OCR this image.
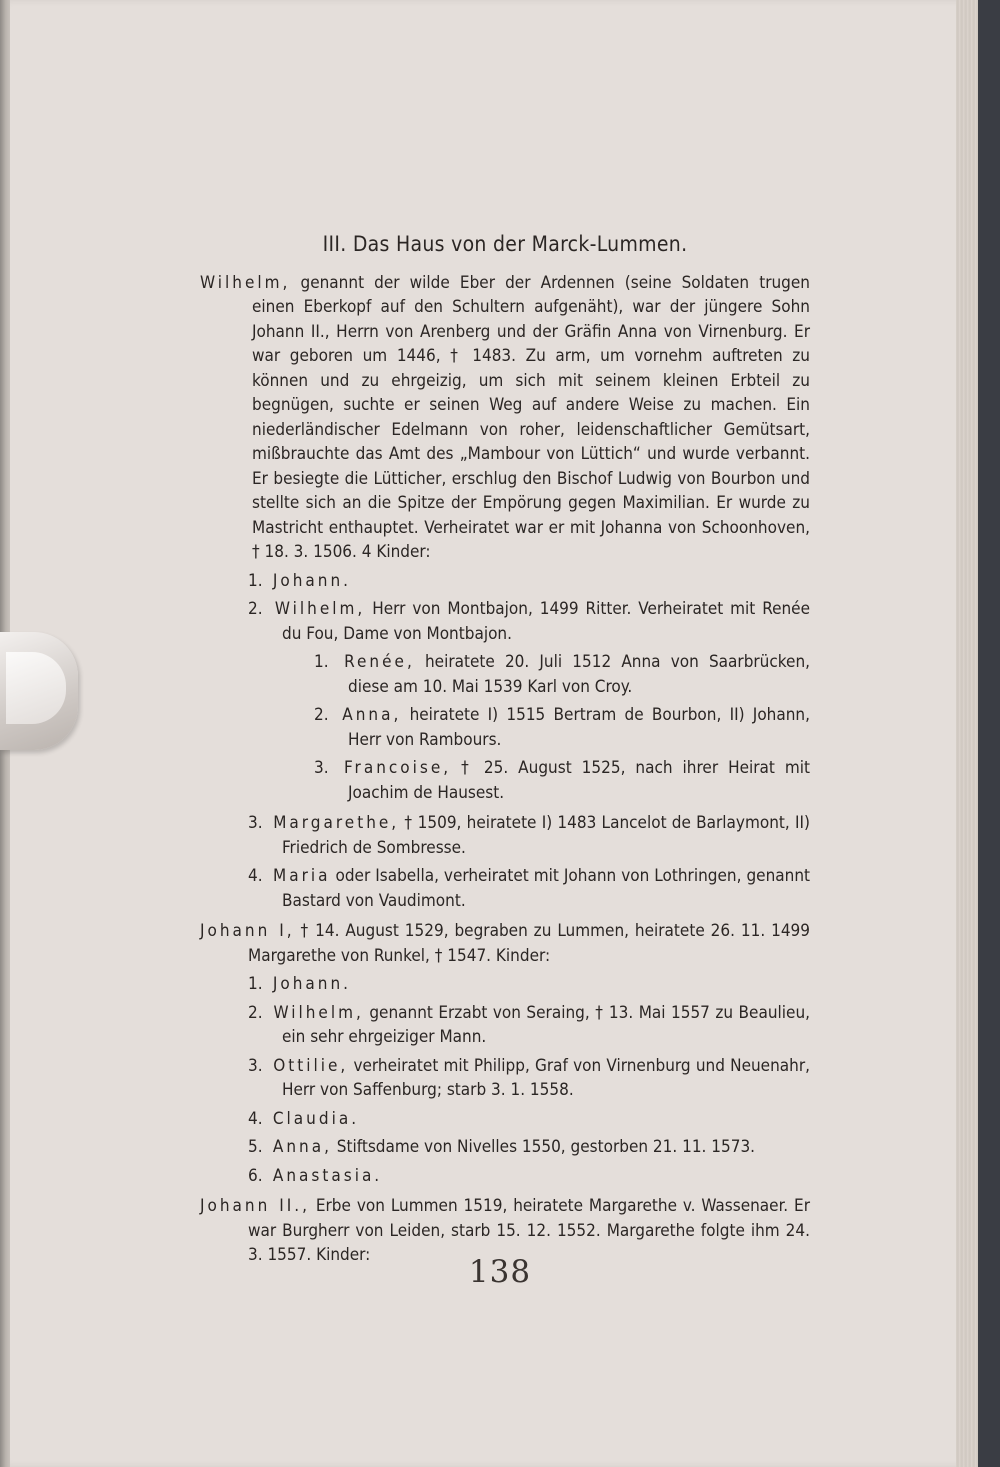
III. Das Haus von der Marck-Lummen.

Wilhelm, genannt der wilde Eber der Ardennen (seine Soldaten trugen einen Eberkopf auf den Schultern aufgenäht), war der jüngere Sohn Johann II., Herrn von Arenberg und der Gräfin Anna von Virnenburg. Er war geboren um 1446, † 1483. Zu arm, um vornehm auftreten zu können und zu ehrgeizig, um sich mit seinem kleinen Erbteil zu begnügen, suchte er seinen Weg auf andere Weise zu machen. Ein niederländischer Edelmann von roher, leidenschaftlicher Gemütsart, mißbrauchte das Amt des „Mambour von Lüttich“ und wurde verbannt. Er besiegte die Lütticher, erschlug den Bischof Ludwig von Bourbon und stellte sich an die Spitze der Empörung gegen Maximilian. Er wurde zu Mastricht enthauptet. Verheiratet war er mit Johanna von Schoonhoven, † 18. 3. 1506. 4 Kinder:

1. Johann.
2. Wilhelm, Herr von Montbajon, 1499 Ritter. Verheiratet mit Renée du Fou, Dame von Montbajon.
1. Renée, heiratete 20. Juli 1512 Anna von Saarbrücken, diese am 10. Mai 1539 Karl von Croy.
2. Anna, heiratete I) 1515 Bertram de Bourbon, II) Johann, Herr von Rambours.
3. Francoise, † 25. August 1525, nach ihrer Heirat mit Joachim de Hausest.
3. Margarethe, † 1509, heiratete I) 1483 Lancelot de Barlaymont, II) Friedrich de Sombresse.
4. Maria oder Isabella, verheiratet mit Johann von Lothringen, genannt Bastard von Vaudimont.

Johann I, † 14. August 1529, begraben zu Lummen, heiratete 26. 11. 1499 Margarethe von Runkel, † 1547. Kinder:

1. Johann.
2. Wilhelm, genannt Erzabt von Seraing, † 13. Mai 1557 zu Beaulieu, ein sehr ehrgeiziger Mann.
3. Ottilie, verheiratet mit Philipp, Graf von Virnenburg und Neuenahr, Herr von Saffenburg; starb 3. 1. 1558.
4. Claudia.
5. Anna, Stiftsdame von Nivelles 1550, gestorben 21. 11. 1573.
6. Anastasia.

Johann II., Erbe von Lummen 1519, heiratete Margarethe v. Wassenaer. Er war Burgherr von Leiden, starb 15. 12. 1552. Margarethe folgte ihm 24. 3. 1557. Kinder:	138
